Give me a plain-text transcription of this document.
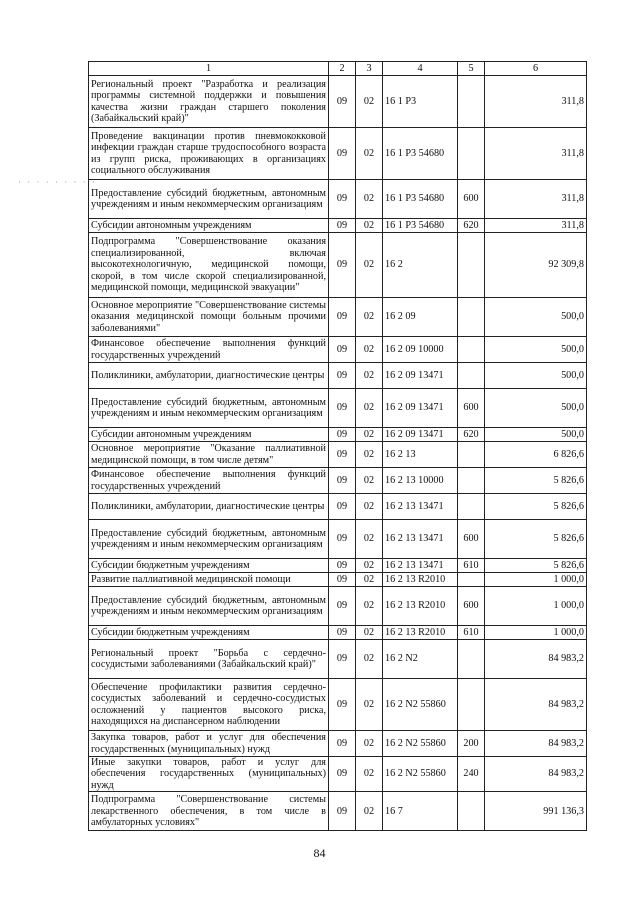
· · · · · · · · ·
1	2	3	4	5	6
Региональный проект "Разработка и реализация программы системной поддержки и повышения качества жизни граждан старшего поколения (Забайкальский край)"	09	02	16 1 P3		311,8
Проведение вакцинации против пневмококковой инфекции граждан старше трудоспособного возраста из групп риска, проживающих в организациях социального обслуживания	09	02	16 1 P3 54680		311,8
Предоставление субсидий бюджетным, автономным учреждениям и иным некоммерческим организациям	09	02	16 1 P3 54680	600	311,8
Субсидии автономным учреждениям	09	02	16 1 P3 54680	620	311,8
Подпрограмма "Совершенствование оказания специализированной, включая высокотехнологичную, медицинской помощи, скорой, в том числе скорой специализированной, медицинской помощи, медицинской эвакуации"	09	02	16 2		92 309,8
Основное мероприятие "Совершенствование системы оказания медицинской помощи больным прочими заболеваниями"	09	02	16 2 09		500,0
Финансовое обеспечение выполнения функций государственных учреждений	09	02	16 2 09 10000		500,0
Поликлиники, амбулатории, диагностические центры	09	02	16 2 09 13471		500,0
Предоставление субсидий бюджетным, автономным учреждениям и иным некоммерческим организациям	09	02	16 2 09 13471	600	500,0
Субсидии автономным учреждениям	09	02	16 2 09 13471	620	500,0
Основное мероприятие "Оказание паллиативной медицинской помощи, в том числе детям"	09	02	16 2 13		6 826,6
Финансовое обеспечение выполнения функций государственных учреждений	09	02	16 2 13 10000		5 826,6
Поликлиники, амбулатории, диагностические центры	09	02	16 2 13 13471		5 826,6
Предоставление субсидий бюджетным, автономным учреждениям и иным некоммерческим организациям	09	02	16 2 13 13471	600	5 826,6
Субсидии бюджетным учреждениям	09	02	16 2 13 13471	610	5 826,6
Развитие паллиативной медицинской помощи	09	02	16 2 13 R2010		1 000,0
Предоставление субсидий бюджетным, автономным учреждениям и иным некоммерческим организациям	09	02	16 2 13 R2010	600	1 000,0
Субсидии бюджетным учреждениям	09	02	16 2 13 R2010	610	1 000,0
Региональный проект "Борьба с сердечно-сосудистыми заболеваниями (Забайкальский край)"	09	02	16 2 N2		84 983,2
Обеспечение профилактики развития сердечно-сосудистых заболеваний и сердечно-сосудистых осложнений у пациентов высокого риска, находящихся на диспансерном наблюдении	09	02	16 2 N2 55860		84 983,2
Закупка товаров, работ и услуг для обеспечения государственных (муниципальных) нужд	09	02	16 2 N2 55860	200	84 983,2
Иные закупки товаров, работ и услуг для обеспечения государственных (муниципальных) нужд	09	02	16 2 N2 55860	240	84 983,2
Подпрограмма "Совершенствование системы лекарственного обеспечения, в том числе в амбулаторных условиях"	09	02	16 7		991 136,3
84
